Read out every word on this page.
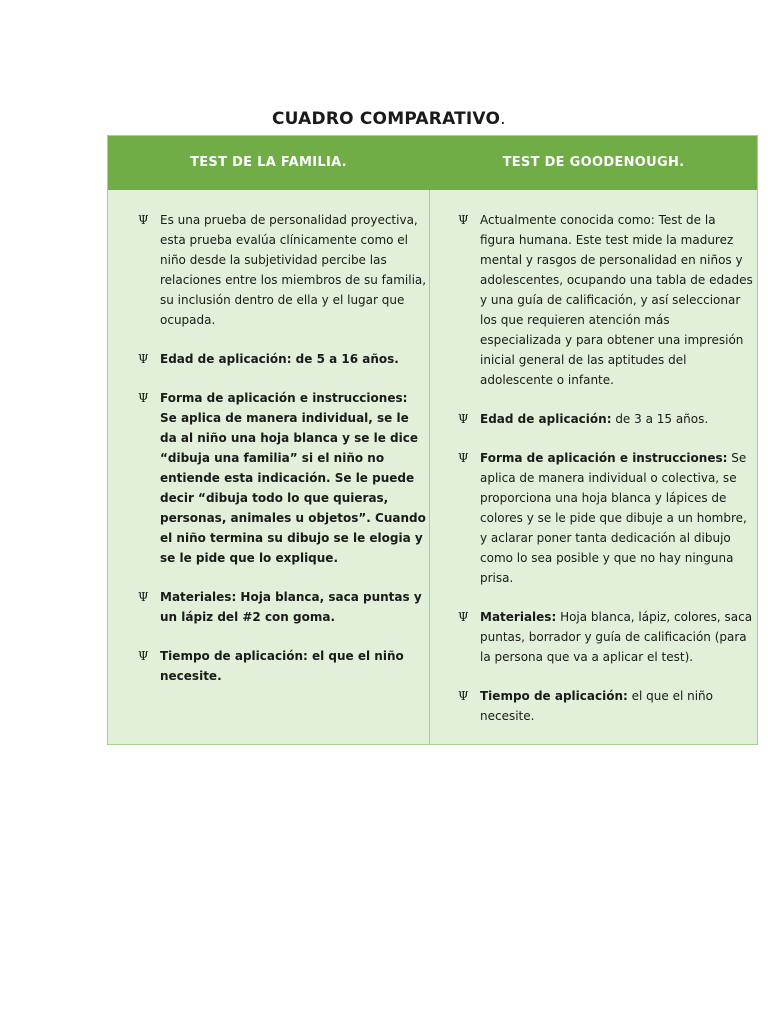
CUADRO COMPARATIVO.
TEST DE LA FAMILIA.	TEST DE GOODENOUGH.
Ψ Es una prueba de personalidad proyectiva, esta prueba evalúa clínicamente como el niño desde la subjetividad percibe las relaciones entre los miembros de su familia, su inclusión dentro de ella y el lugar que ocupada.
Ψ Edad de aplicación: de 5 a 16 años.
Ψ Forma de aplicación e instrucciones: Se aplica de manera individual, se le da al niño una hoja blanca y se le dice “dibuja una familia” si el niño no entiende esta indicación. Se le puede decir “dibuja todo lo que quieras, personas, animales u objetos”. Cuando el niño termina su dibujo se le elogia y se le pide que lo explique.
Ψ Materiales: Hoja blanca, saca puntas y un lápiz del #2 con goma.
Ψ Tiempo de aplicación: el que el niño necesite.
Ψ Actualmente conocida como: Test de la figura humana. Este test mide la madurez mental y rasgos de personalidad en niños y adolescentes, ocupando una tabla de edades y una guía de calificación, y así seleccionar los que requieren atención más especializada y para obtener una impresión inicial general de las aptitudes del adolescente o infante.
Ψ Edad de aplicación: de 3 a 15 años.
Ψ Forma de aplicación e instrucciones: Se aplica de manera individual o colectiva, se proporciona una hoja blanca y lápices de colores y se le pide que dibuje a un hombre, y aclarar poner tanta dedicación al dibujo como lo sea posible y que no hay ninguna prisa.
Ψ Materiales: Hoja blanca, lápiz, colores, saca puntas, borrador y guía de calificación (para la persona que va a aplicar el test).
Ψ Tiempo de aplicación: el que el niño necesite.
